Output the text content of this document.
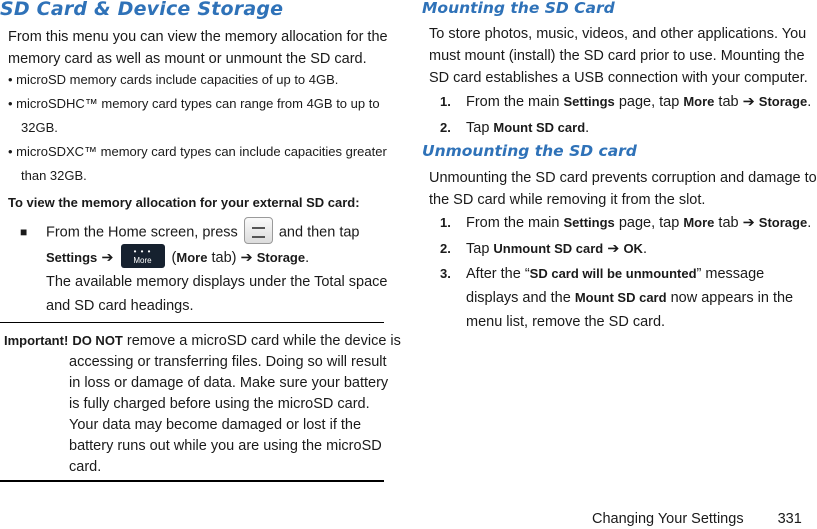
SD Card & Device Storage
From this menu you can view the memory allocation for the
memory card as well as mount or unmount the SD card.
• microSD memory cards include capacities of up to 4GB.
• microSDHC™ memory card types can range from 4GB to up to
32GB.
• microSDXC™ memory card types can include capacities greater
than 32GB.
To view the memory allocation for your external SD card:
■ From the Home screen, press	and then tap
Settings ➔	• • •
More	(More tab) ➔ Storage.
The available memory displays under the Total space
and SD card headings.
Important! DO NOT remove a microSD card while the device is
accessing or transferring files. Doing so will result
in loss or damage of data. Make sure your battery
is fully charged before using the microSD card.
Your data may become damaged or lost if the
battery runs out while you are using the microSD
card.
Mounting the SD Card
To store photos, music, videos, and other applications. You
must mount (install) the SD card prior to use. Mounting the
SD card establishes a USB connection with your computer.
1. From the main Settings page, tap More tab ➔ Storage.
2. Tap Mount SD card.
Unmounting the SD card
Unmounting the SD card prevents corruption and damage to
the SD card while removing it from the slot.
1. From the main Settings page, tap More tab ➔ Storage.
2. Tap Unmount SD card ➔ OK.
3. After the “SD card will be unmounted” message
displays and the Mount SD card now appears in the
menu list, remove the SD card.
Changing Your Settings 331
